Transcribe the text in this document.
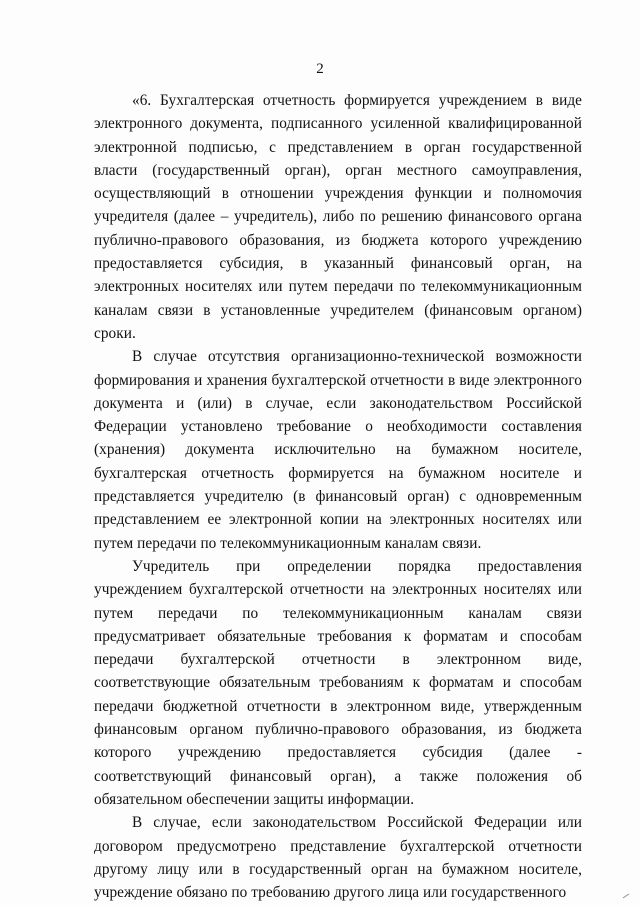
2

«6. Бухгалтерская отчетность формируется учреждением в виде электронного документа, подписанного усиленной квалифицированной электронной подписью, с представлением в орган государственной власти (государственный орган), орган местного самоуправления, осуществляющий в отношении учреждения функции и полномочия учредителя (далее – учредитель), либо по решению финансового органа публично-правового образования, из бюджета которого учреждению предоставляется субсидия, в указанный финансовый орган, на электронных носителях или путем передачи по телекоммуникационным каналам связи в установленные учредителем (финансовым органом) сроки.

В случае отсутствия организационно-технической возможности формирования и хранения бухгалтерской отчетности в виде электронного документа и (или) в случае, если законодательством Российской Федерации установлено требование о необходимости составления (хранения) документа исключительно на бумажном носителе, бухгалтерская отчетность формируется на бумажном носителе и представляется учредителю (в финансовый орган) с одновременным представлением ее электронной копии на электронных носителях или путем передачи по телекоммуникационным каналам связи.

Учредитель при определении порядка предоставления учреждением бухгалтерской отчетности на электронных носителях или путем передачи по телекоммуникационным каналам связи предусматривает обязательные требования к форматам и способам передачи бухгалтерской отчетности в электронном виде, соответствующие обязательным требованиям к форматам и способам передачи бюджетной отчетности в электронном виде, утвержденным финансовым органом публично-правового образования, из бюджета которого учреждению предоставляется субсидия (далее - соответствующий финансовый орган), а также положения об обязательном обеспечении защиты информации.

В случае, если законодательством Российской Федерации или договором предусмотрено представление бухгалтерской отчетности другому лицу или в государственный орган на бумажном носителе, учреждение обязано по требованию другого лица или государственного
